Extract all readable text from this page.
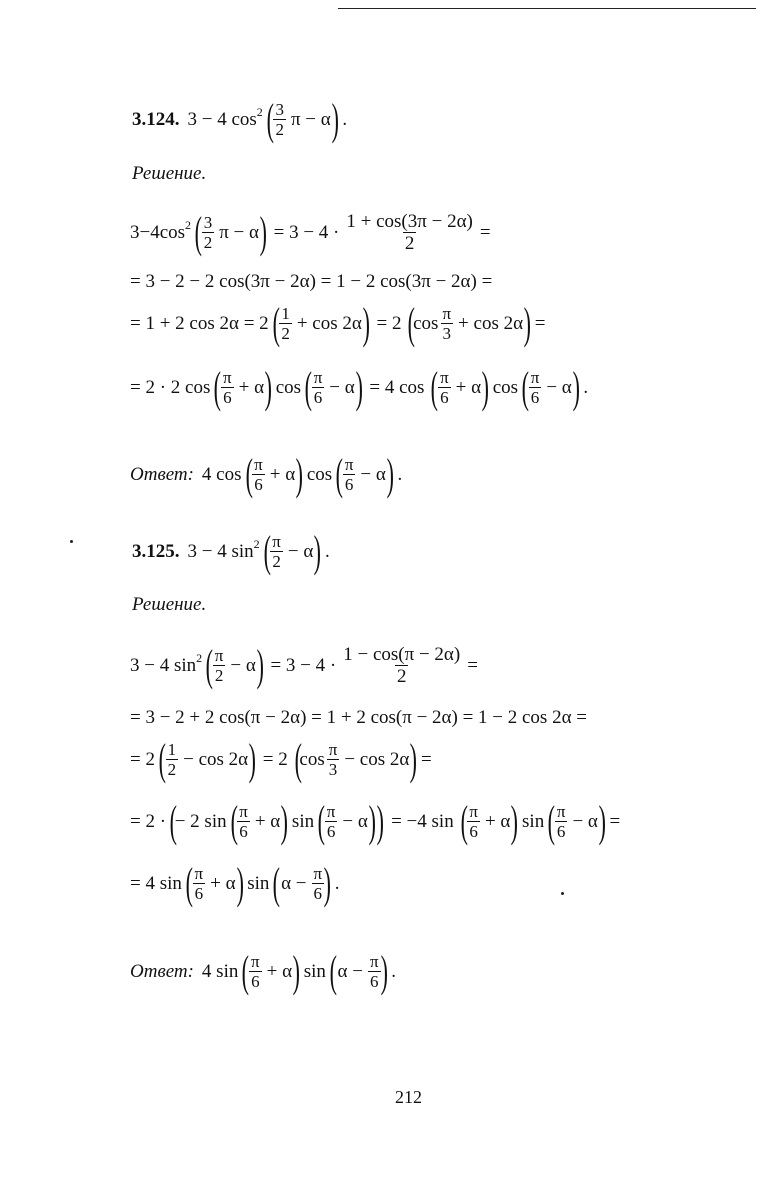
3.124. 3 − 4 $\cos^2$ ( $\frac{3}{2}$ π − α ) .
Решение.
$3-4\cos^2$ ( $\frac{3}{2}$ π − α ) = $3 - 4 \cdot \frac{1 + \cos(3\pi - 2\alpha)}{2}$ =
= 3 − 2 − 2 cos(3π − 2α) = 1 − 2 cos(3π − 2α) =
= 1 + 2 cos 2α = 2 ( $\frac{1}{2} + \cos 2\alpha$ ) = 2 (
$\cos \frac{\pi}{3} + \cos 2\alpha$ ) =
= 2 · 2 cos ( $\frac{\pi}{6} + \alpha$ ) cos ( $\frac{\pi}{6} - \alpha$ ) = 4 cos ( $\frac{\pi}{6} + \alpha$ ) cos ( $\frac{\pi}{6} - \alpha$ ) .
Ответ: 4 cos ( $\frac{\pi}{6} + \alpha$ ) cos ( $\frac{\pi}{6} - \alpha$ ) .
3.125. 3 − 4 $\sin^2$ ( $\frac{\pi}{2} - \alpha$ ) .
Решение.
3 − 4 $\sin^2$ ( $\frac{\pi}{2} - \alpha$ ) = $3 - 4 \cdot \frac{1 - \cos(\pi - 2\alpha)}{2}$ =
= 3 − 2 + 2 cos(π − 2α) = 1 + 2 cos(π − 2α) = 1 − 2 cos 2α =
= 2 ( $\frac{1}{2} - \cos 2\alpha$ ) = 2 (
$\cos \frac{\pi}{3} - \cos 2\alpha$ ) =
= 2 · (
− 2 sin ( $\frac{\pi}{6} + \alpha$ ) sin ( $\frac{\pi}{6} - \alpha$ ) ) = −4 sin ( $\frac{\pi}{6} + \alpha$ ) sin ( $\frac{\pi}{6} - \alpha$ ) =
= 4 sin ( $\frac{\pi}{6} + \alpha$ ) sin ( $\alpha - \frac{\pi}{6}$ ) .
Ответ: 4 sin ( $\frac{\pi}{6} + \alpha$ ) sin ( $\alpha - \frac{\pi}{6}$ ) .
212
